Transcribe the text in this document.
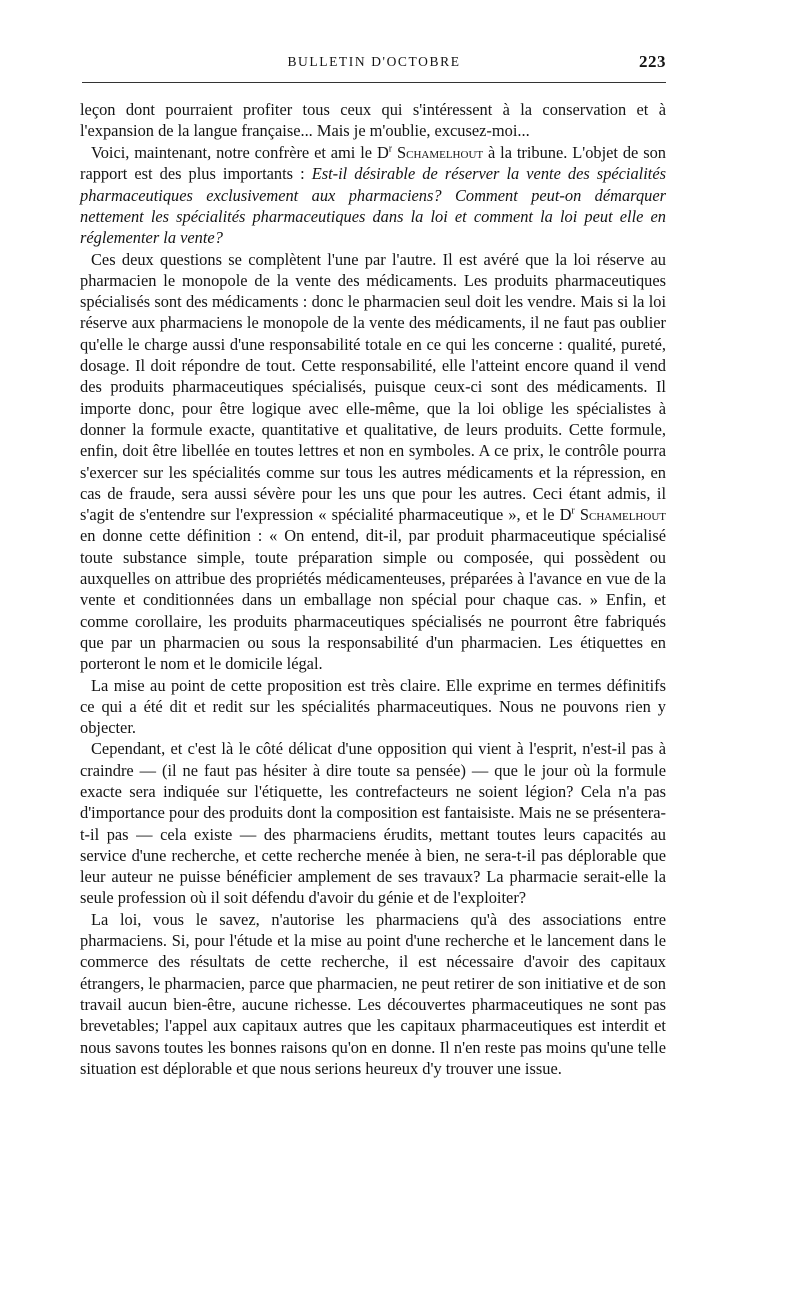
BULLETIN D'OCTOBRE	223

leçon dont pourraient profiter tous ceux qui s'intéressent à la conservation et à l'expansion de la langue française... Mais je m'oublie, excusez-moi...

Voici, maintenant, notre confrère et ami le $D^r$ Schamelhout à la tribune. L'objet de son rapport est des plus importants : Est-il désirable de réserver la vente des spécialités pharmaceutiques exclusivement aux pharmaciens? Comment peut-on démarquer nettement les spécialités pharmaceutiques dans la loi et comment la loi peut elle en réglementer la vente?

Ces deux questions se complètent l'une par l'autre. Il est avéré que la loi réserve au pharmacien le monopole de la vente des médicaments. Les produits pharmaceutiques spécialisés sont des médicaments : donc le pharmacien seul doit les vendre. Mais si la loi réserve aux pharmaciens le monopole de la vente des médicaments, il ne faut pas oublier qu'elle le charge aussi d'une responsabilité totale en ce qui les concerne : qualité, pureté, dosage. Il doit répondre de tout. Cette responsabilité, elle l'atteint encore quand il vend des produits pharmaceutiques spécialisés, puisque ceux-ci sont des médicaments. Il importe donc, pour être logique avec elle-même, que la loi oblige les spécialistes à donner la formule exacte, quantitative et qualitative, de leurs produits. Cette formule, enfin, doit être libellée en toutes lettres et non en symboles. A ce prix, le contrôle pourra s'exercer sur les spécialités comme sur tous les autres médicaments et la répression, en cas de fraude, sera aussi sévère pour les uns que pour les autres. Ceci étant admis, il s'agit de s'entendre sur l'expression « spécialité pharmaceutique », et le $D^r$ Schamelhout en donne cette définition : « On entend, dit-il, par produit pharmaceutique spécialisé toute substance simple, toute préparation simple ou composée, qui possèdent ou auxquelles on attribue des propriétés médicamenteuses, préparées à l'avance en vue de la vente et conditionnées dans un emballage non spécial pour chaque cas. » Enfin, et comme corollaire, les produits pharmaceutiques spécialisés ne pourront être fabriqués que par un pharmacien ou sous la responsabilité d'un pharmacien. Les étiquettes en porteront le nom et le domicile légal.

La mise au point de cette proposition est très claire. Elle exprime en termes définitifs ce qui a été dit et redit sur les spécialités pharmaceutiques. Nous ne pouvons rien y objecter.

Cependant, et c'est là le côté délicat d'une opposition qui vient à l'esprit, n'est-il pas à craindre — (il ne faut pas hésiter à dire toute sa pensée) — que le jour où la formule exacte sera indiquée sur l'étiquette, les contrefacteurs ne soient légion? Cela n'a pas d'importance pour des produits dont la composition est fantaisiste. Mais ne se présentera-t-il pas — cela existe — des pharmaciens érudits, mettant toutes leurs capacités au service d'une recherche, et cette recherche menée à bien, ne sera-t-il pas déplorable que leur auteur ne puisse bénéficier amplement de ses travaux? La pharmacie serait-elle la seule profession où il soit défendu d'avoir du génie et de l'exploiter?

La loi, vous le savez, n'autorise les pharmaciens qu'à des associations entre pharmaciens. Si, pour l'étude et la mise au point d'une recherche et le lancement dans le commerce des résultats de cette recherche, il est nécessaire d'avoir des capitaux étrangers, le pharmacien, parce que pharmacien, ne peut retirer de son initiative et de son travail aucun bien-être, aucune richesse. Les découvertes pharmaceutiques ne sont pas brevetables; l'appel aux capitaux autres que les capitaux pharmaceutiques est interdit et nous savons toutes les bonnes raisons qu'on en donne. Il n'en reste pas moins qu'une telle situation est déplorable et que nous serions heureux d'y trouver une issue.
